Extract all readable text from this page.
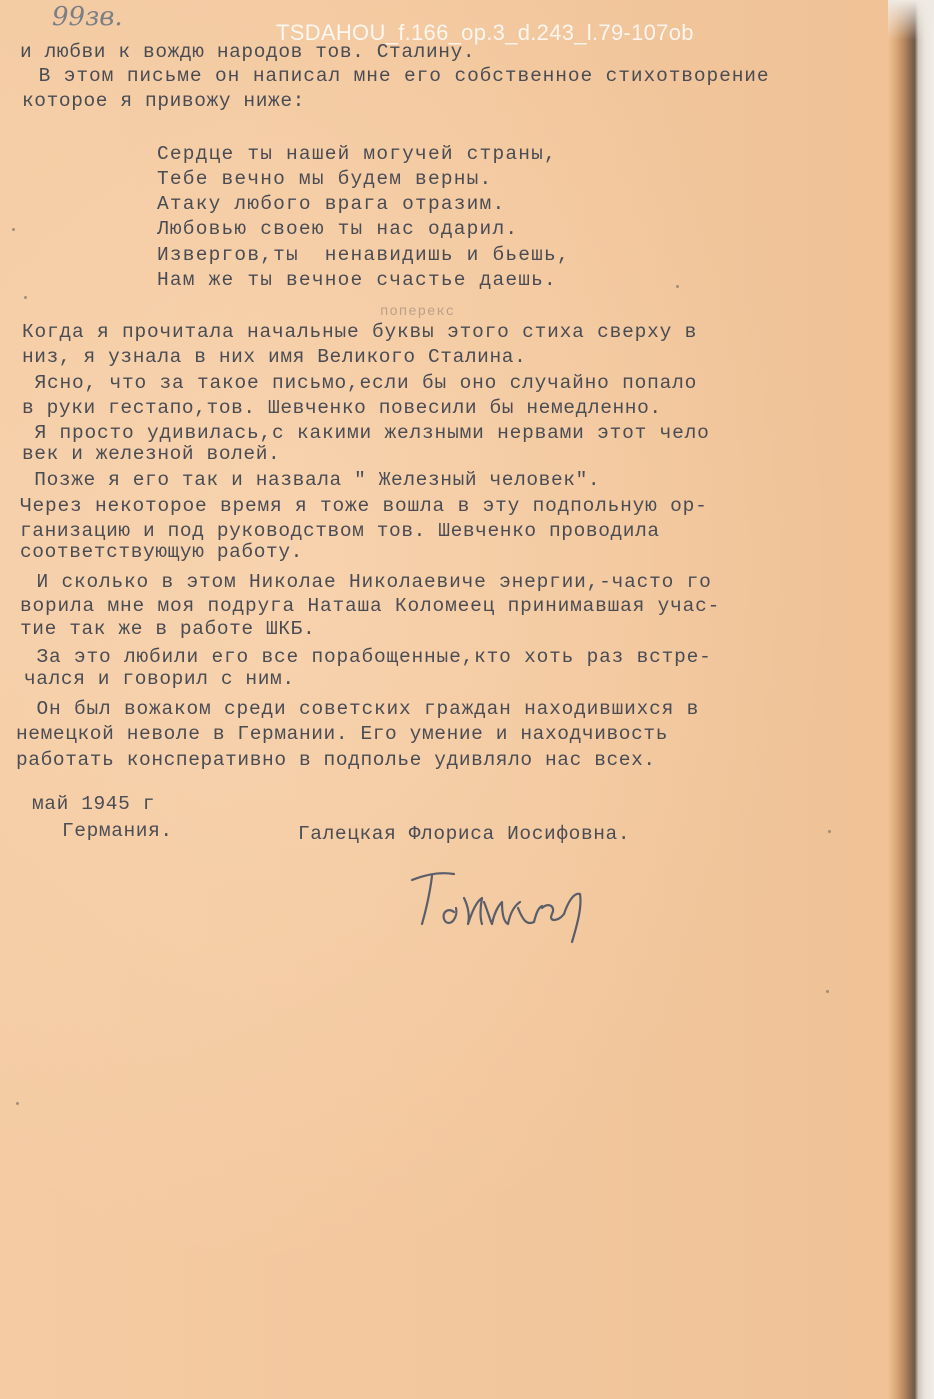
99зв.
TSDAHOU_f.166_op.3_d.243_l.79-107ob
и любви к вождю народов тов. Сталину.
В этом письме он написал мне его собственное стихотворение
которое я привожу ниже:
Сердце ты нашей могучей страны,
Тебе вечно мы будем верны.
Атаку любого врага отразим.
Любовью своею ты нас одарил.
Извергов,ты  ненавидишь и бьешь,
Нам же ты вечное счастье даешь.
поперекс
Когда я прочитала начальные буквы этого стиха сверху в
низ, я узнала в них имя Великого Сталина.
Ясно, что за такое письмо,если бы оно случайно попало
в руки гестапо,тов. Шевченко повесили бы немедленно.
Я просто удивилась,с какими желзными нервами этот чело
век и железной волей.
Позже я его так и назвала " Железный человек".
Через некоторое время я тоже вошла в эту подпольную ор-
ганизацию и под руководством тов. Шевченко проводила
соответствующую работу.
И сколько в этом Николае Николаевиче энергии,-часто го
ворила мне моя подруга Наташа Коломеец принимавшая учас-
тие так же в работе ШКБ.
За это любили его все порабощенные,кто хоть раз встре-
чался и говорил с ним.
Он был вожаком среди советских граждан находившихся в
немецкой неволе в Германии. Его умение и находчивость
работать консперативно в подполье удивляло нас всех.
май 1945 г
Германия.	Галецкая Флориса Иосифовна.
